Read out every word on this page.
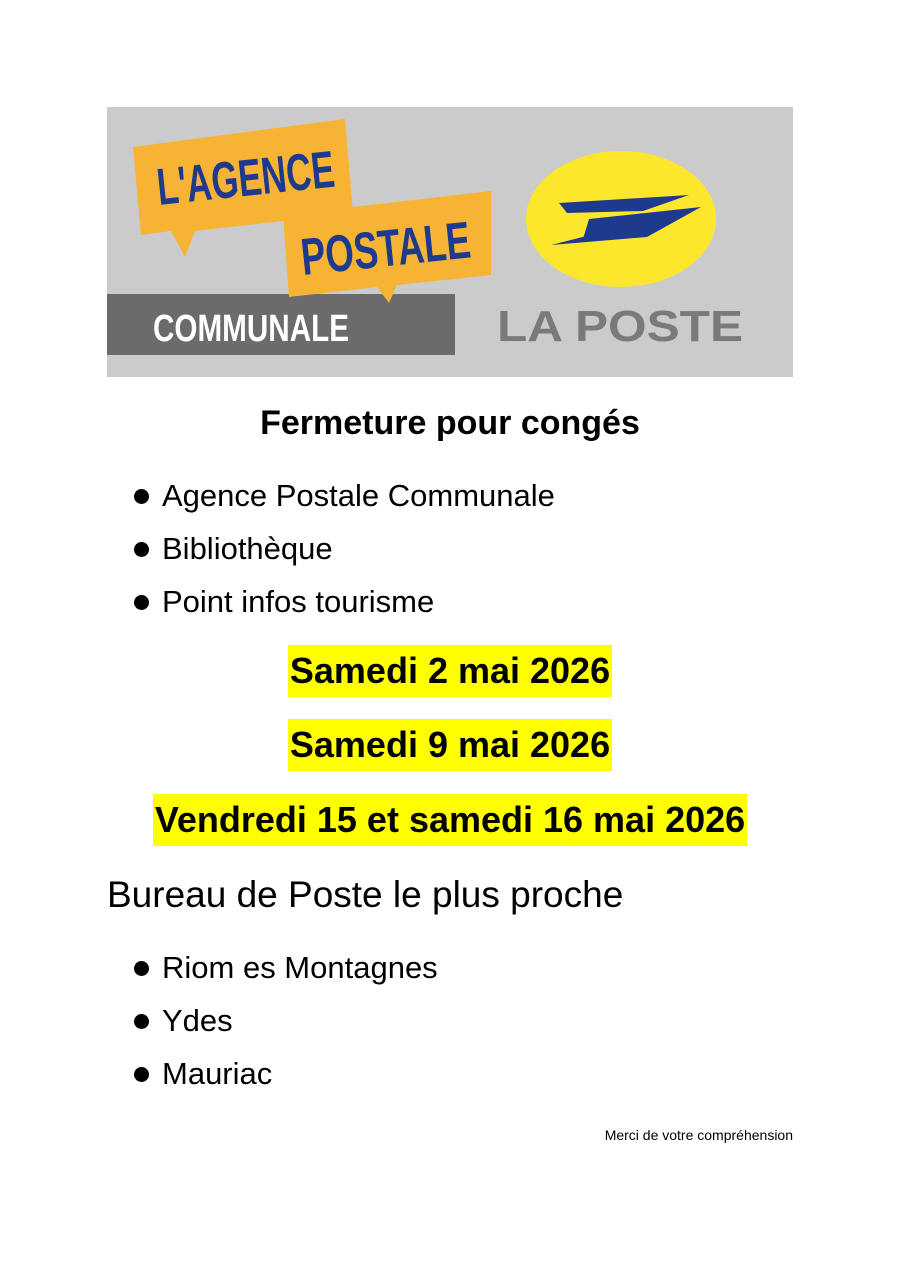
L'AGENCE
POSTALE
COMMUNALE	LA POSTE
Fermeture pour congés
Agence Postale Communale
Bibliothèque
Point infos tourisme
Samedi 2 mai 2026
Samedi 9 mai 2026
Vendredi 15 et samedi 16 mai 2026
Bureau de Poste le plus proche
Riom es Montagnes
Ydes
Mauriac
Merci de votre compréhension
